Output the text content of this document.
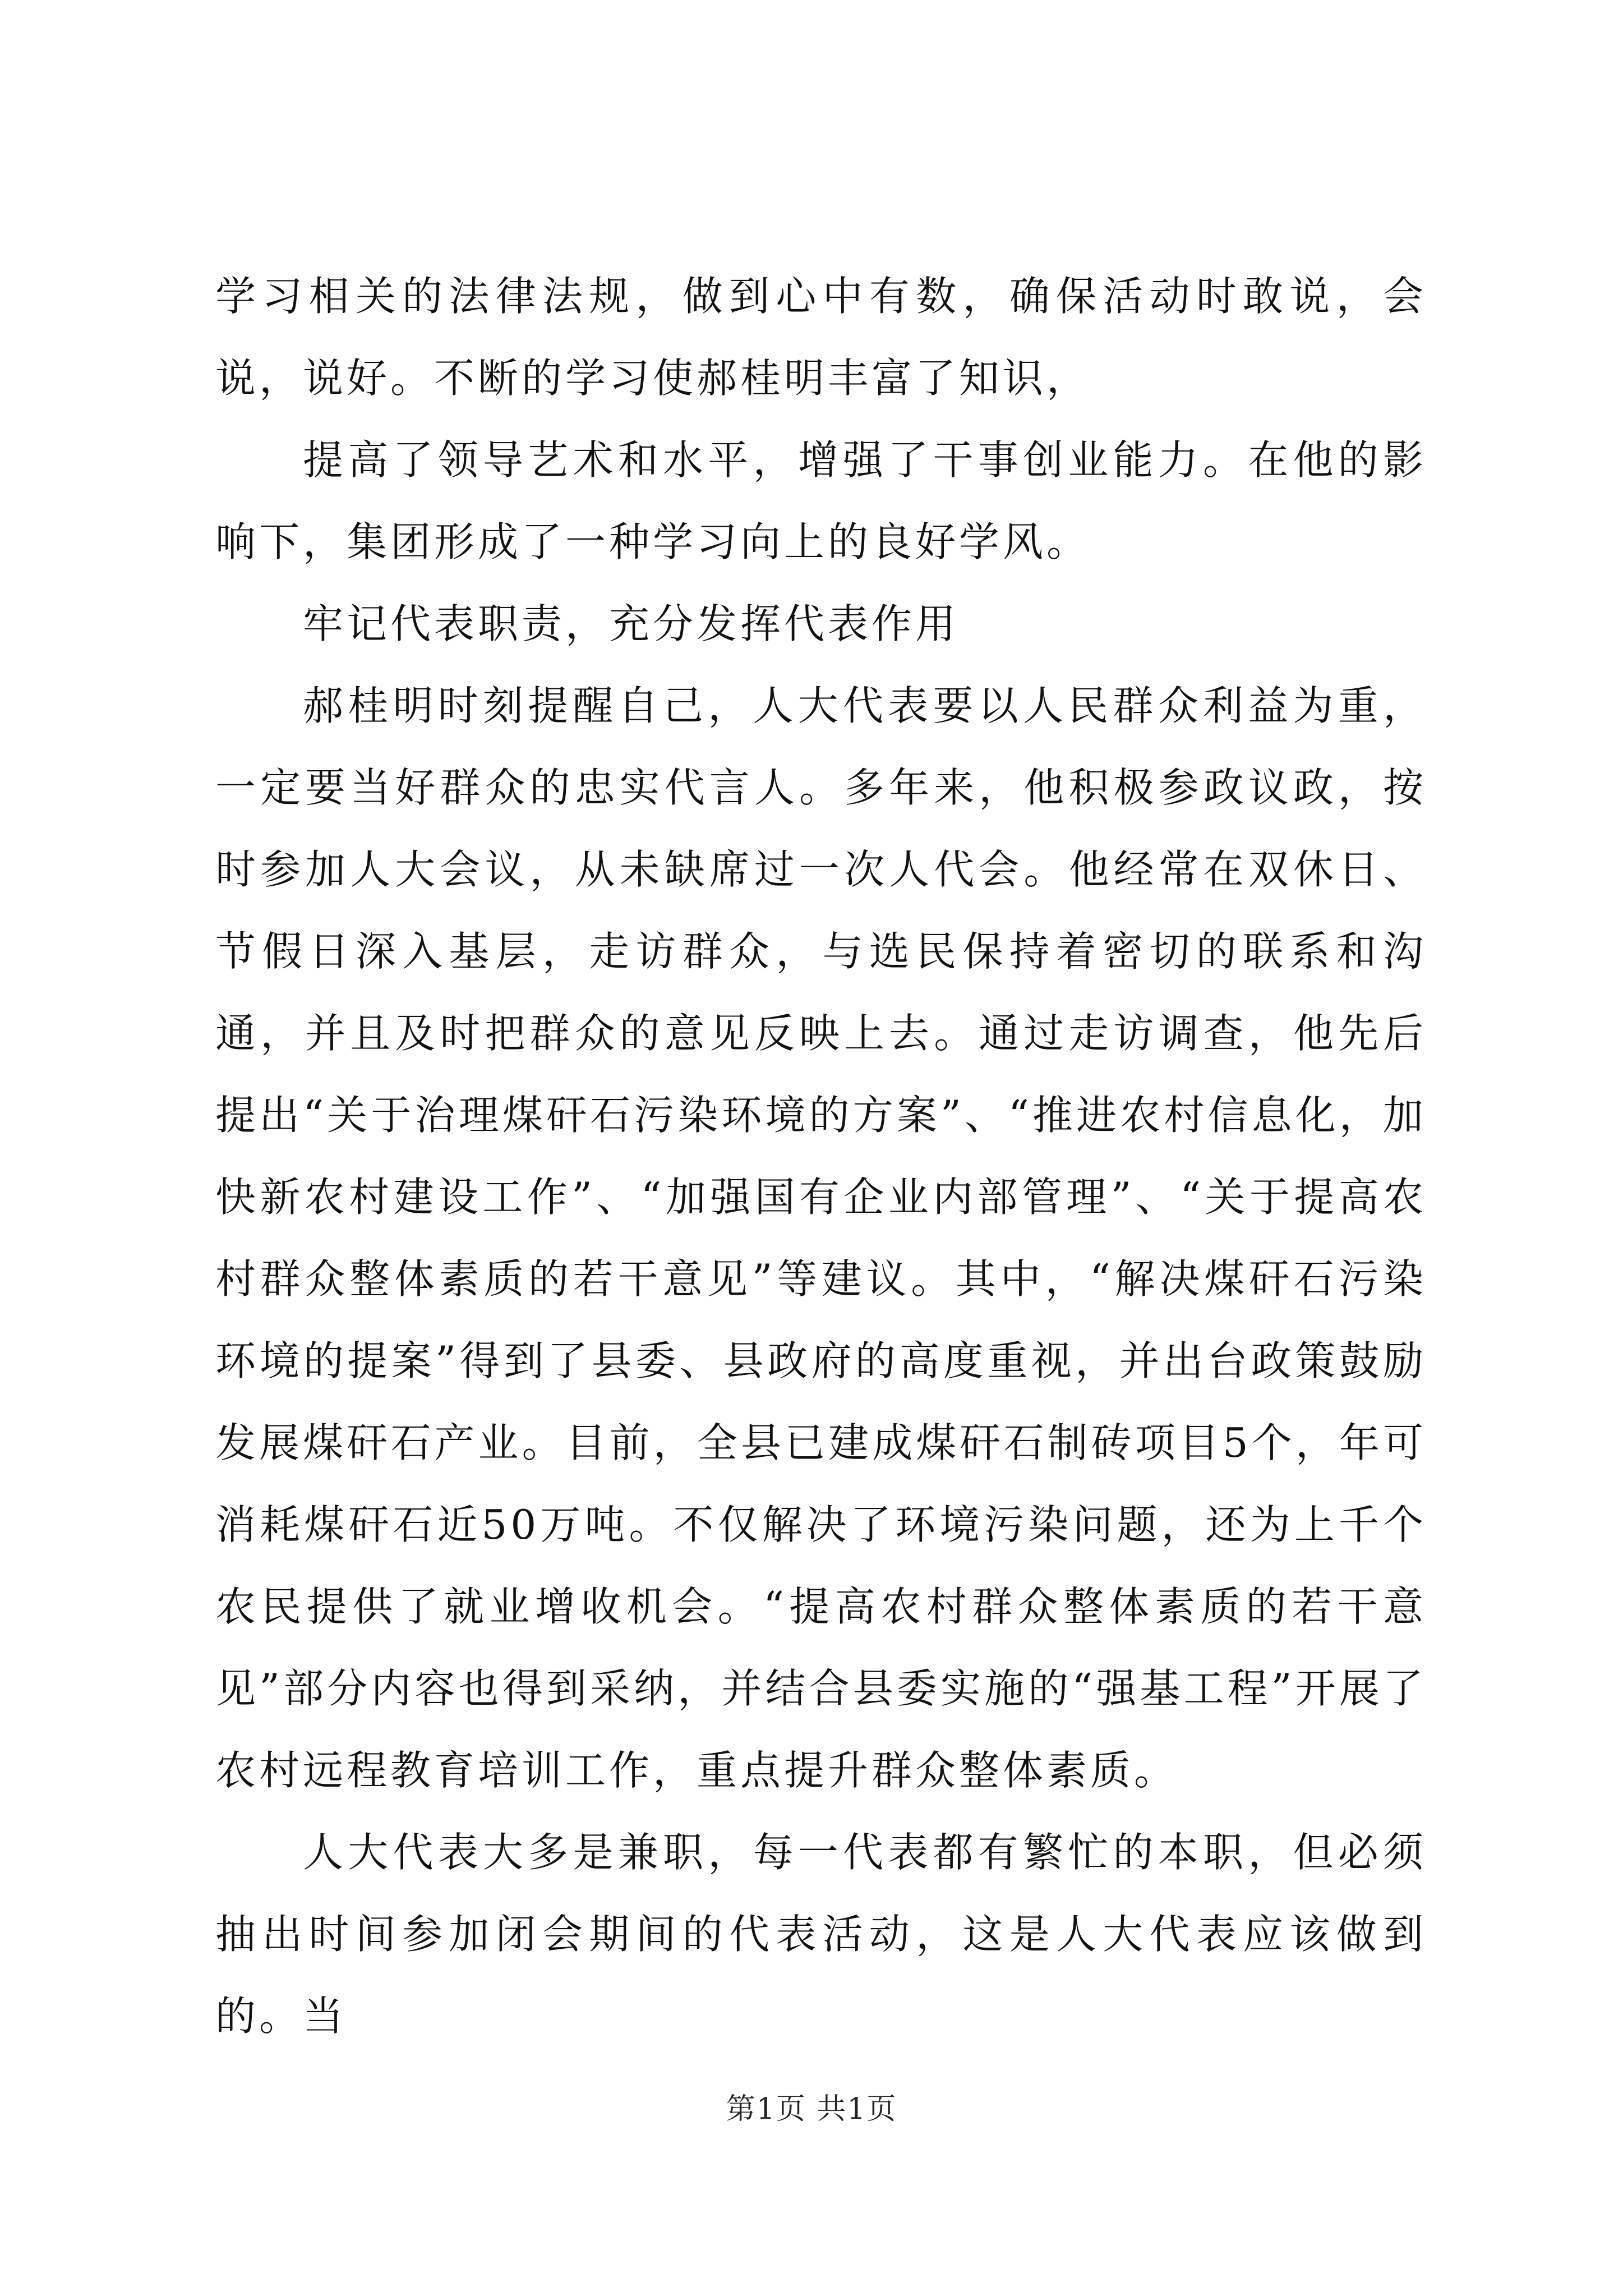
学习相关的法律法规，做到心中有数，确保活动时敢说，会说，说好。不断的学习使郝桂明丰富了知识，

提高了领导艺术和水平，增强了干事创业能力。在他的影响下，集团形成了一种学习向上的良好学风。

牢记代表职责，充分发挥代表作用

郝桂明时刻提醒自己，人大代表要以人民群众利益为重，一定要当好群众的忠实代言人。多年来，他积极参政议政，按时参加人大会议，从未缺席过一次人代会。他经常在双休日、节假日深入基层，走访群众，与选民保持着密切的联系和沟通，并且及时把群众的意见反映上去。通过走访调查，他先后提出“关于治理煤矸石污染环境的方案”、“推进农村信息化，加快新农村建设工作”、“加强国有企业内部管理”、“关于提高农村群众整体素质的若干意见”等建议。其中，“解决煤矸石污染环境的提案”得到了县委、县政府的高度重视，并出台政策鼓励发展煤矸石产业。目前，全县已建成煤矸石制砖项目5个，年可消耗煤矸石近50万吨。不仅解决了环境污染问题，还为上千个农民提供了就业增收机会。“提高农村群众整体素质的若干意见”部分内容也得到采纳，并结合县委实施的“强基工程”开展了农村远程教育培训工作，重点提升群众整体素质。

人大代表大多是兼职，每一代表都有繁忙的本职，但必须抽出时间参加闭会期间的代表活动，这是人大代表应该做到的。当

第1页 共1页
